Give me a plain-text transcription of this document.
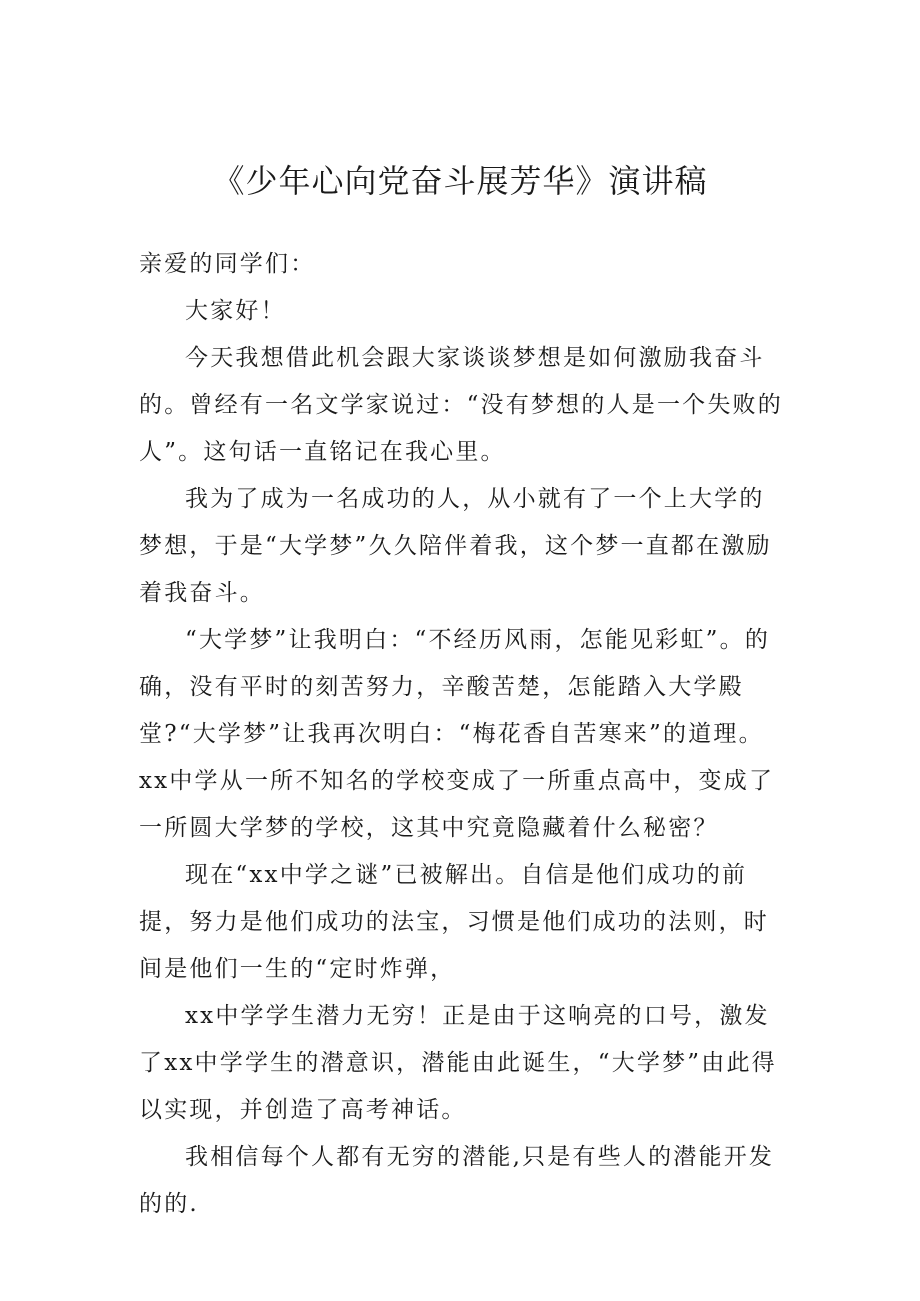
《少年心向党奋斗展芳华》演讲稿

亲爱的同学们：

大家好！

今天我想借此机会跟大家谈谈梦想是如何激励我奋斗的。曾经有一名文学家说过：“没有梦想的人是一个失败的人”。这句话一直铭记在我心里。

我为了成为一名成功的人，从小就有了一个上大学的梦想，于是“大学梦”久久陪伴着我，这个梦一直都在激励着我奋斗。

“大学梦”让我明白：“不经历风雨，怎能见彩虹”。的确，没有平时的刻苦努力，辛酸苦楚，怎能踏入大学殿堂?“大学梦”让我再次明白：“梅花香自苦寒来”的道理。xx中学从一所不知名的学校变成了一所重点高中，变成了一所圆大学梦的学校，这其中究竟隐藏着什么秘密？

现在“xx中学之谜”已被解出。自信是他们成功的前提，努力是他们成功的法宝，习惯是他们成功的法则，时间是他们一生的“定时炸弹，

xx中学学生潜力无穷！正是由于这响亮的口号，激发了xx中学学生的潜意识，潜能由此诞生，“大学梦”由此得以实现，并创造了高考神话。

我相信每个人都有无穷的潜能,只是有些人的潜能开发的的.
